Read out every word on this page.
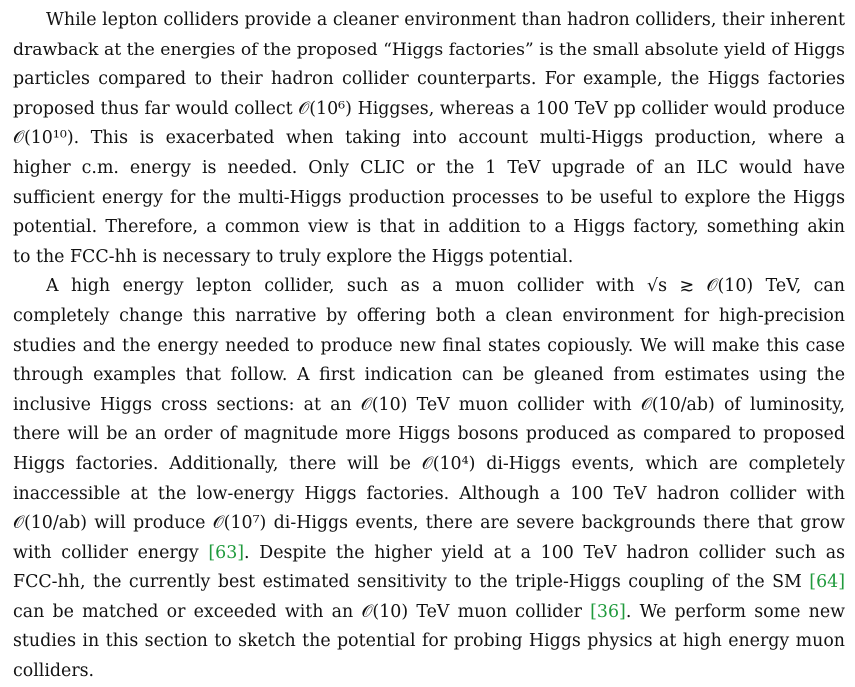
While lepton colliders provide a cleaner environment than hadron colliders, their inherent
drawback at the energies of the proposed “Higgs factories” is the small absolute yield of Higgs
particles compared to their hadron collider counterparts. For example, the Higgs factories
proposed thus far would collect 𝒪(10⁶) Higgses, whereas a 100 TeV pp collider would produce
𝒪(10¹⁰). This is exacerbated when taking into account multi-Higgs production, where a
higher c.m. energy is needed. Only CLIC or the 1 TeV upgrade of an ILC would have
sufficient energy for the multi-Higgs production processes to be useful to explore the Higgs
potential. Therefore, a common view is that in addition to a Higgs factory, something akin
to the FCC-hh is necessary to truly explore the Higgs potential.
A high energy lepton collider, such as a muon collider with √s ≳ 𝒪(10) TeV, can
completely change this narrative by offering both a clean environment for high-precision
studies and the energy needed to produce new final states copiously. We will make this case
through examples that follow. A first indication can be gleaned from estimates using the
inclusive Higgs cross sections: at an 𝒪(10) TeV muon collider with 𝒪(10/ab) of luminosity,
there will be an order of magnitude more Higgs bosons produced as compared to proposed
Higgs factories. Additionally, there will be 𝒪(10⁴) di-Higgs events, which are completely
inaccessible at the low-energy Higgs factories. Although a 100 TeV hadron collider with
𝒪(10/ab) will produce 𝒪(10⁷) di-Higgs events, there are severe backgrounds there that grow
with collider energy [63]. Despite the higher yield at a 100 TeV hadron collider such as
FCC-hh, the currently best estimated sensitivity to the triple-Higgs coupling of the SM [64]
can be matched or exceeded with an 𝒪(10) TeV muon collider [36]. We perform some new
studies in this section to sketch the potential for probing Higgs physics at high energy muon
colliders.
